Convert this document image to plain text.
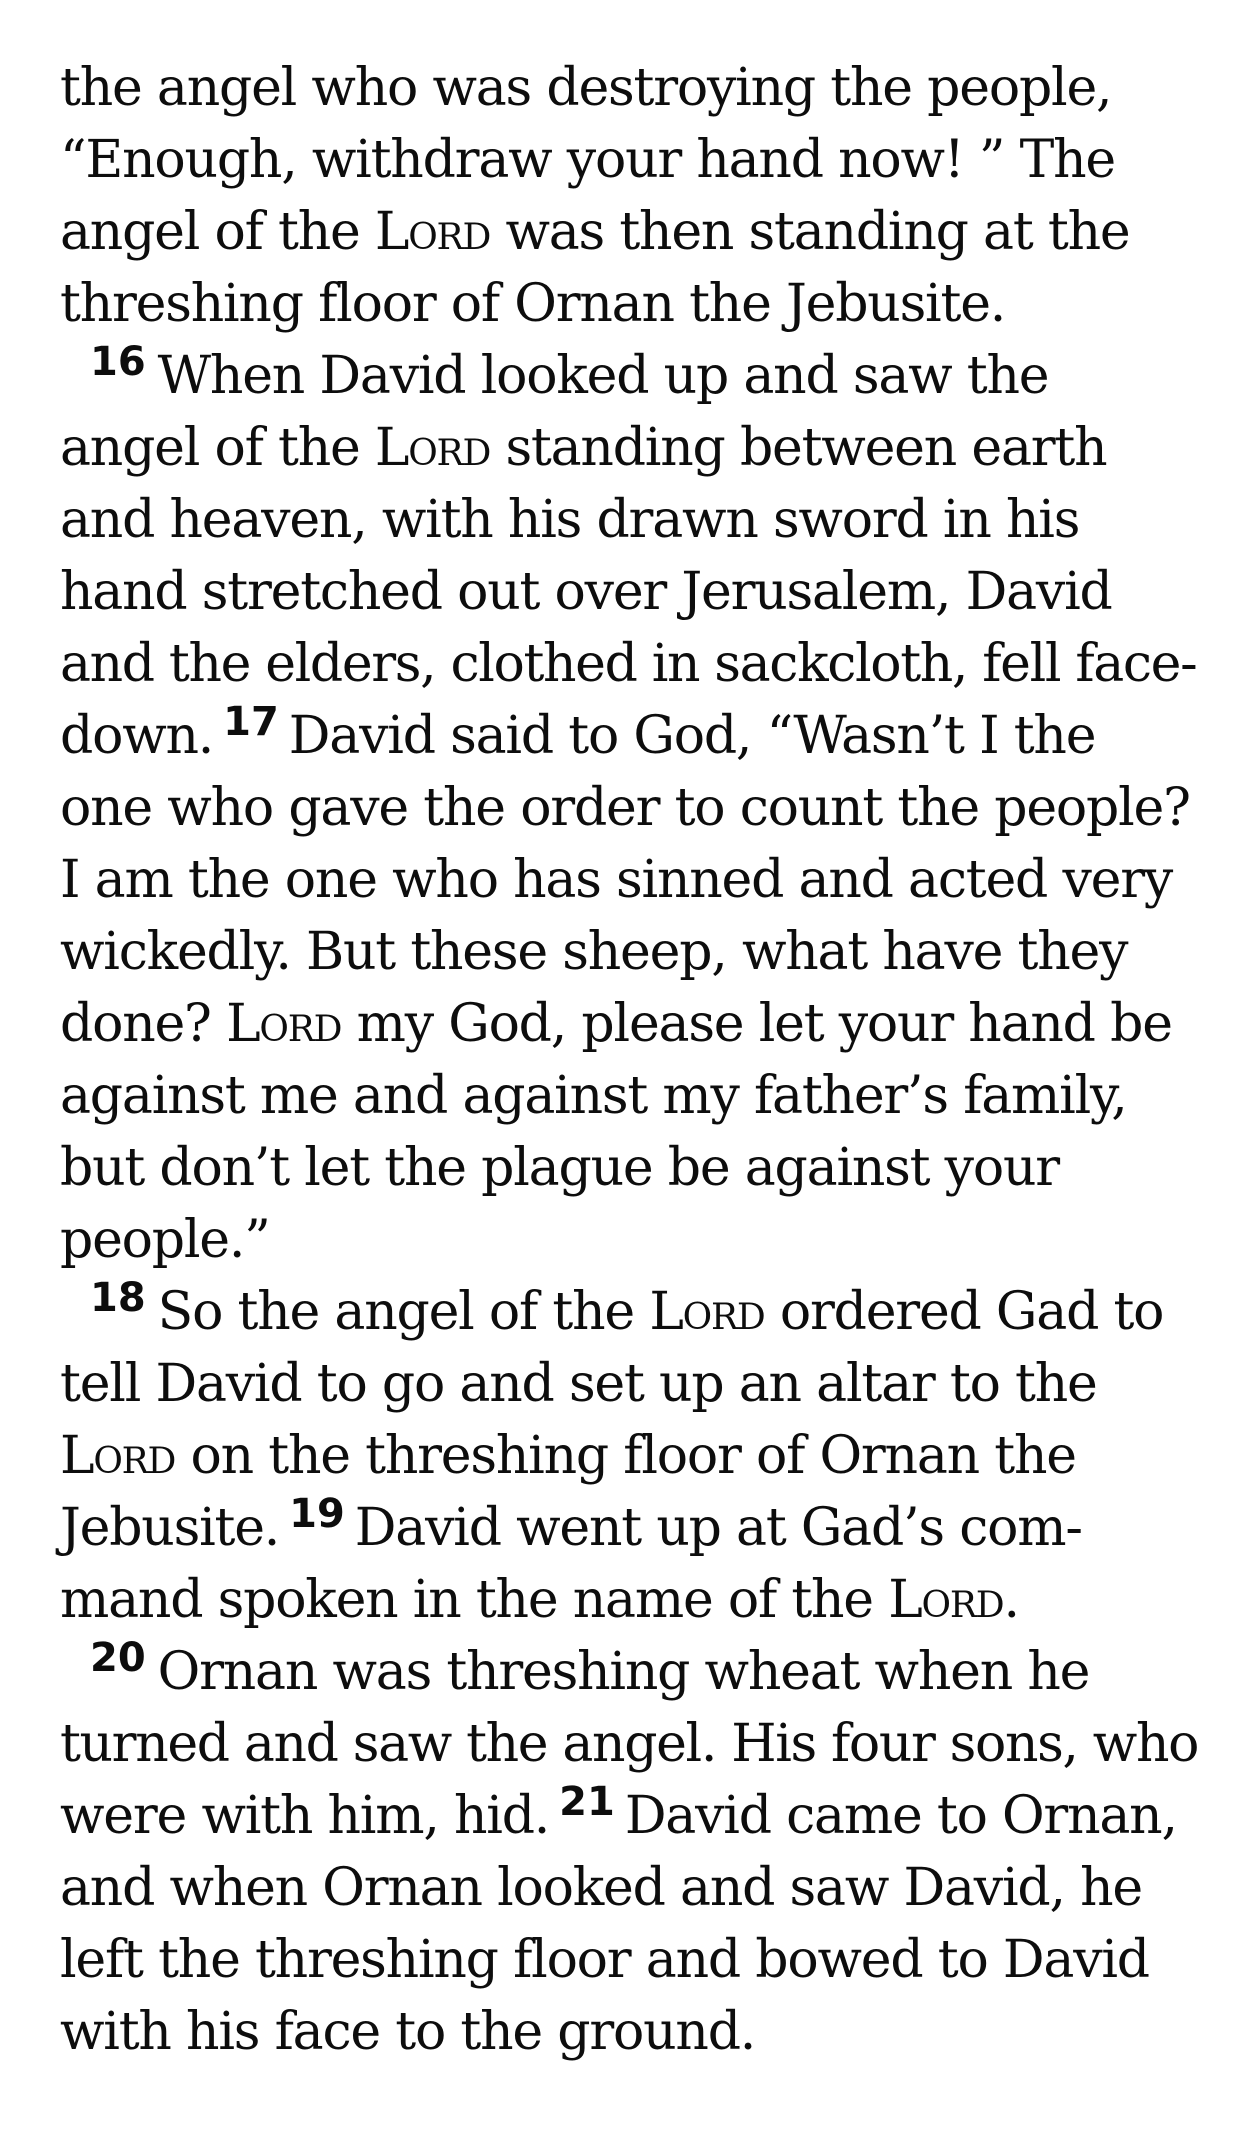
the angel who was destroying the people,
“Enough, withdraw your hand now! ” The
angel of the Lord was then standing at the
threshing floor of Ornan the Jebusite.
16 When David looked up and saw the
angel of the Lord standing between earth
and heaven, with his drawn sword in his
hand stretched out over Jerusalem, David
and the elders, clothed in sackcloth, fell face-
down. 17 David said to God, “Wasn’t I the
one who gave the order to count the people?
I am the one who has sinned and acted very
wickedly. But these sheep, what have they
done? Lord my God, please let your hand be
against me and against my father’s family,
but don’t let the plague be against your
people.”
18 So the angel of the Lord ordered Gad to
tell David to go and set up an altar to the
Lord on the threshing floor of Ornan the
Jebusite. 19 David went up at Gad’s com-
mand spoken in the name of the Lord.
20 Ornan was threshing wheat when he
turned and saw the angel. His four sons, who
were with him, hid. 21 David came to Ornan,
and when Ornan looked and saw David, he
left the threshing floor and bowed to David
with his face to the ground.
